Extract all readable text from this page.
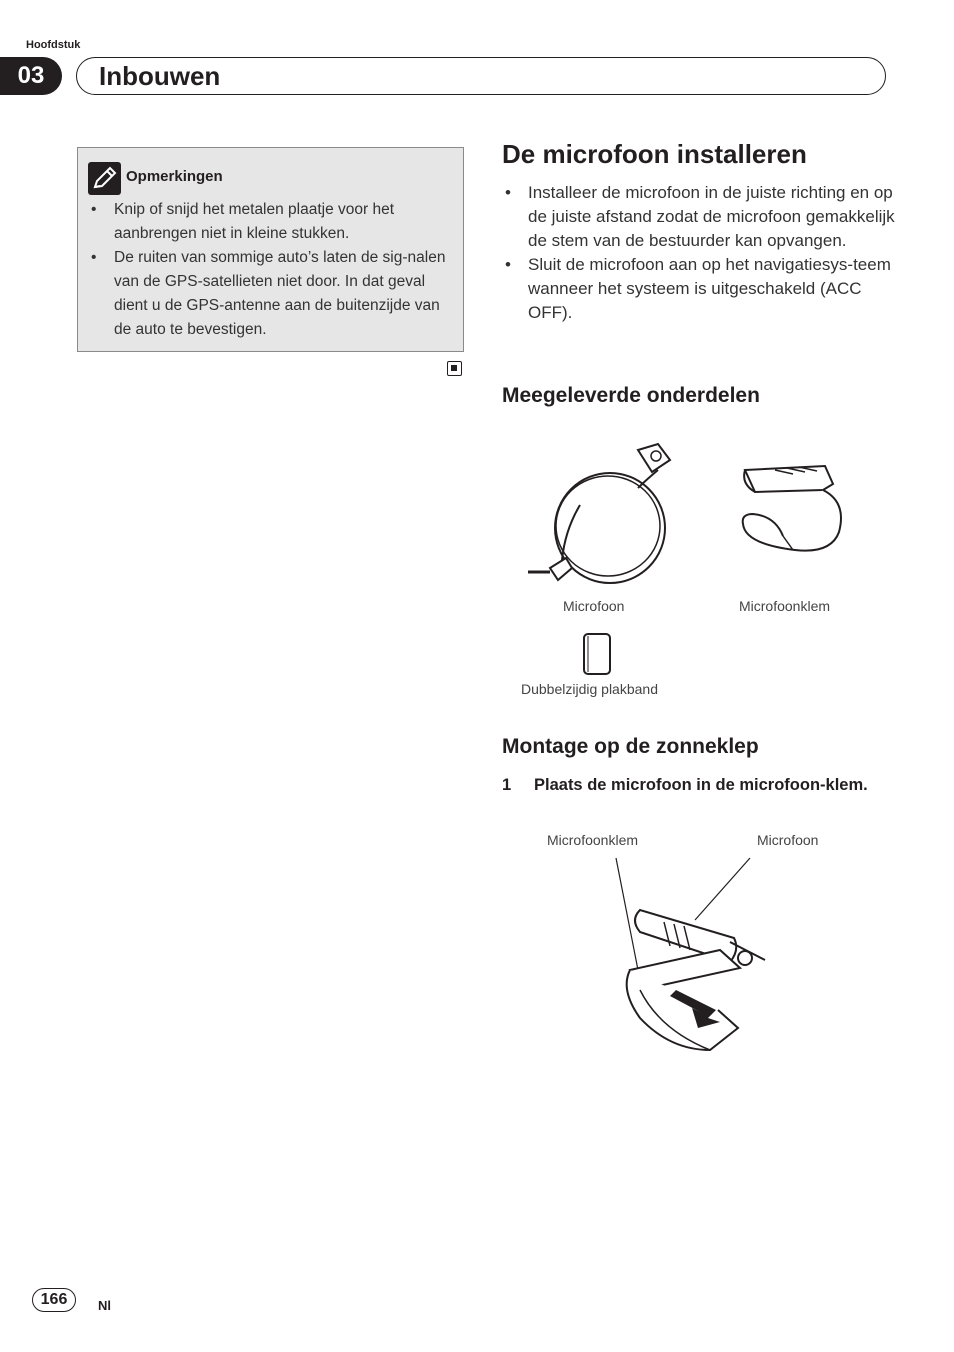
Hoofdstuk
03	Inbouwen
Opmerkingen
• Knip of snijd het metalen plaatje voor het aanbrengen niet in kleine stukken.
• De ruiten van sommige auto’s laten de sig-nalen van de GPS-satellieten niet door. In dat geval dient u de GPS-antenne aan de buitenzijde van de auto te bevestigen.
De microfoon installeren
• Installeer de microfoon in de juiste richting en op de juiste afstand zodat de microfoon gemakkelijk de stem van de bestuurder kan opvangen.
• Sluit de microfoon aan op het navigatiesys-teem wanneer het systeem is uitgeschakeld (ACC OFF).
Meegeleverde onderdelen
Microfoon	Microfoonklem
Dubbelzijdig plakband
Montage op de zonneklep
1 Plaats de microfoon in de microfoon-klem.
Microfoonklem	Microfoon
166	Nl
